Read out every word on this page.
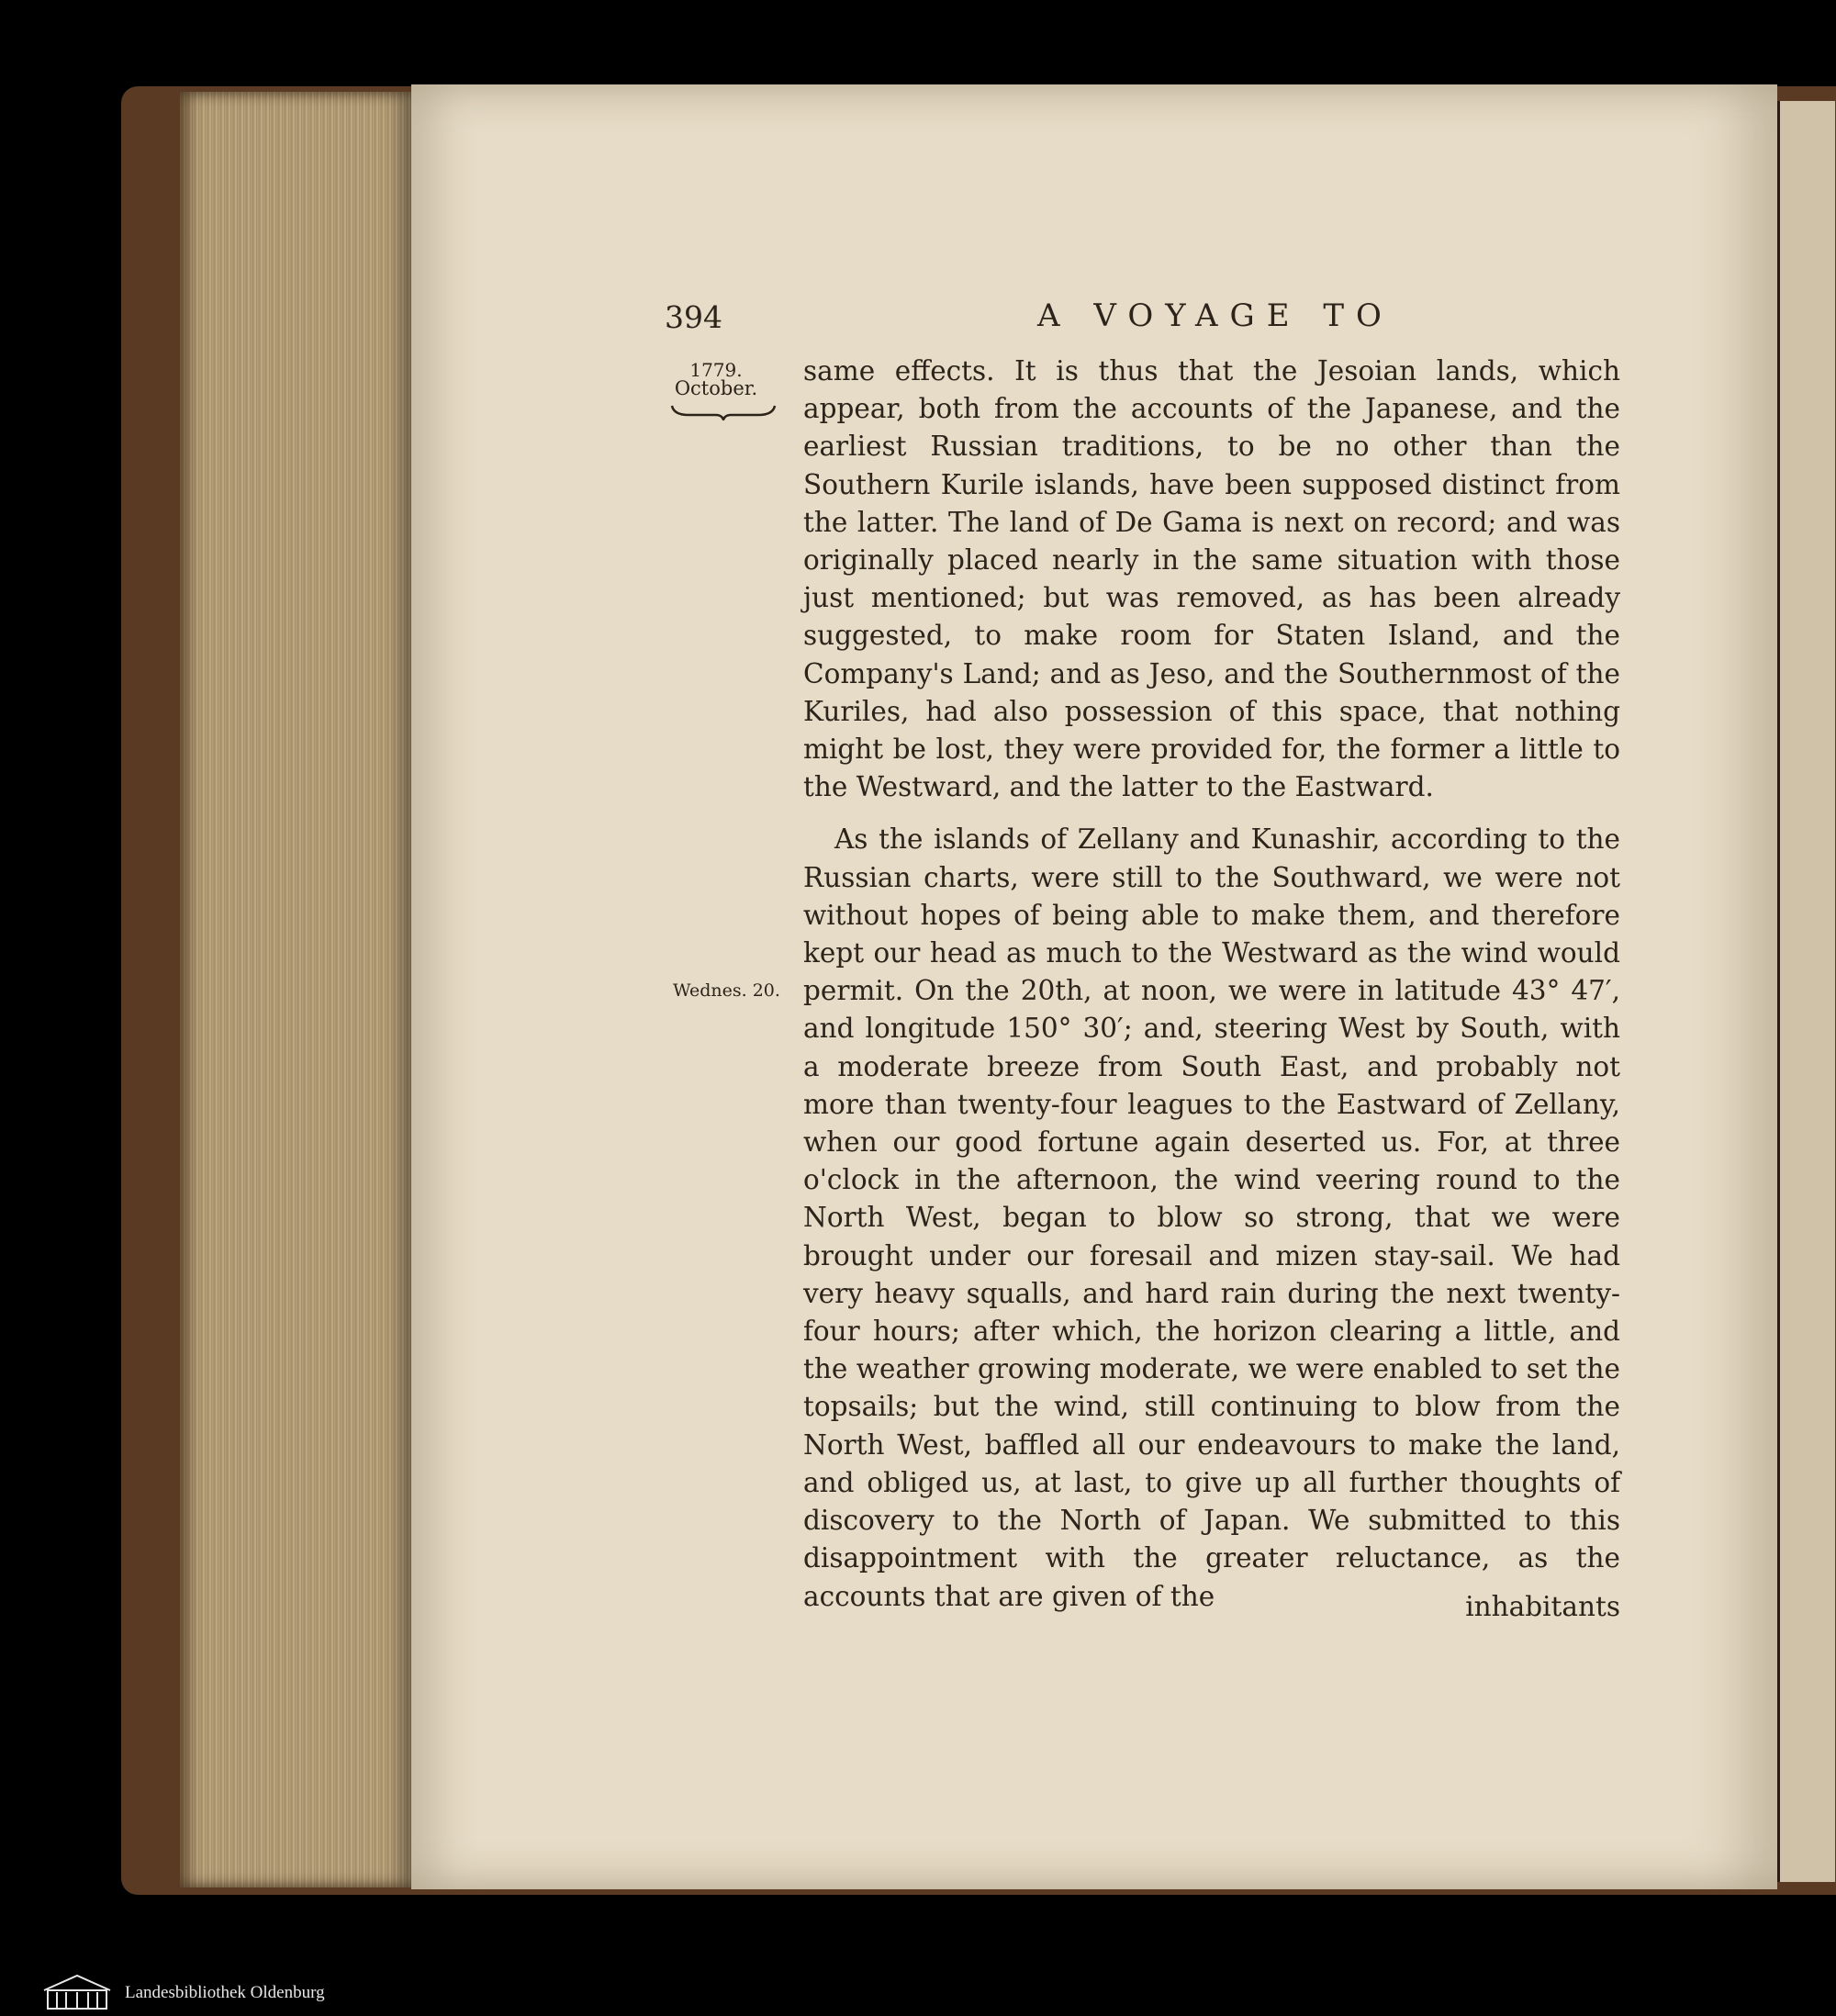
394	A VOYAGE TO
1779.
October.
Wednes. 20.

same effects. It is thus that the Jesoian lands, which appear, both from the accounts of the Japanese, and the earliest Russian traditions, to be no other than the Southern Kurile islands, have been supposed distinct from the latter. The land of De Gama is next on record; and was originally placed nearly in the same situation with those just mentioned; but was removed, as has been already suggested, to make room for Staten Island, and the Company's Land; and as Jeso, and the Southernmost of the Kuriles, had also possession of this space, that nothing might be lost, they were provided for, the former a little to the Westward, and the latter to the Eastward.

As the islands of Zellany and Kunashir, according to the Russian charts, were still to the Southward, we were not without hopes of being able to make them, and therefore kept our head as much to the Westward as the wind would permit. On the 20th, at noon, we were in latitude 43° 47′, and longitude 150° 30′; and, steering West by South, with a moderate breeze from South East, and probably not more than twenty-four leagues to the Eastward of Zellany, when our good fortune again deserted us. For, at three o'clock in the afternoon, the wind veering round to the North West, began to blow so strong, that we were brought under our foresail and mizen stay-sail. We had very heavy squalls, and hard rain during the next twenty-four hours; after which, the horizon clearing a little, and the weather growing moderate, we were enabled to set the topsails; but the wind, still continuing to blow from the North West, baffled all our endeavours to make the land, and obliged us, at last, to give up all further thoughts of discovery to the North of Japan. We submitted to this disappointment with the greater reluctance, as the accounts that are given of the	inhabitants
Landesbibliothek Oldenburg
